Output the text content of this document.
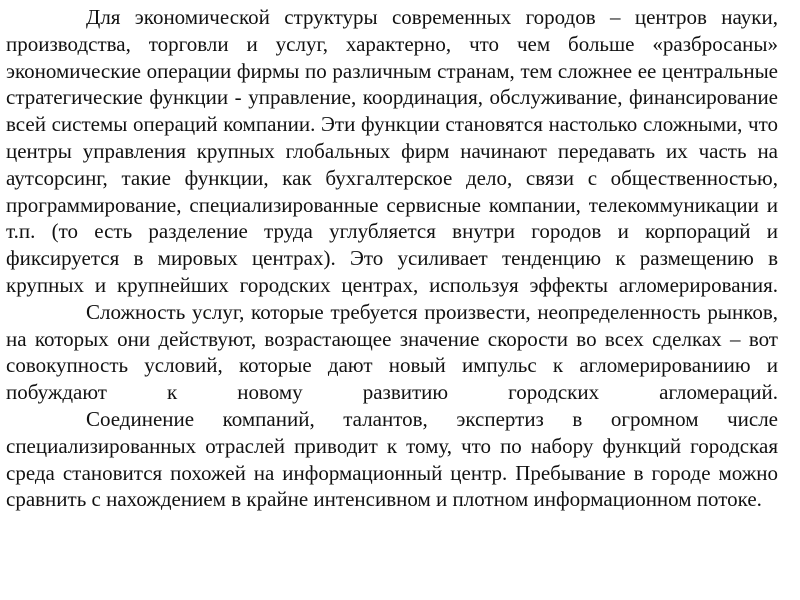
Для экономической структуры современных городов – центров науки, производства, торговли и услуг, характерно, что чем больше «разбросаны» экономические операции фирмы по различным странам, тем сложнее ее центральные стратегические функции - управление, координация, обслуживание, финансирование всей системы операций компании. Эти функции становятся настолько сложными, что центры управления крупных глобальных фирм начинают передавать их часть на аутсорсинг, такие функции, как бухгалтерское дело, связи с общественностью, программирование, специализированные сервисные компании, телекоммуникации и т.п. (то есть разделение труда углубляется внутри городов и корпораций и фиксируется в мировых центрах). Это усиливает тенденцию к размещению в крупных и крупнейших городских центрах, используя эффекты агломерирования.

Сложность услуг, которые требуется произвести, неопределенность рынков, на которых они действуют, возрастающее значение скорости во всех сделках – вот совокупность условий, которые дают новый импульс к агломерированиию и побуждают к новому развитию городских агломераций.

Соединение компаний, талантов, экспертиз в огромном числе специализированных отраслей приводит к тому, что по набору функций городская среда становится похожей на информационный центр. Пребывание в городе можно сравнить с нахождением в крайне интенсивном и плотном информационном потоке.
